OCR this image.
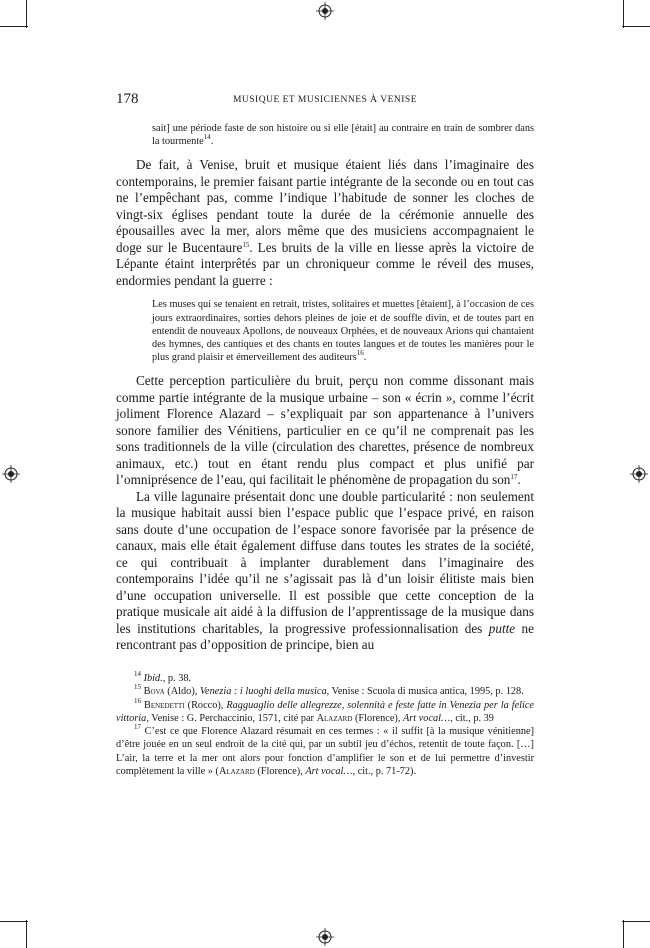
178	MUSIQUE ET MUSICIENNES À VENISE

sait] une période faste de son histoire ou si elle [était] au contraire en train de sombrer dans la tourmente$^{14}$.

De fait, à Venise, bruit et musique étaient liés dans l’imaginaire des contemporains, le premier faisant partie intégrante de la seconde ou en tout cas ne l’empêchant pas, comme l’indique l’habitude de sonner les cloches de vingt-six églises pendant toute la durée de la cérémonie annuelle des épousailles avec la mer, alors même que des musiciens accompagnaient le doge sur le Bucentaure$^{15}$. Les bruits de la ville en liesse après la victoire de Lépante étaint interprêtés par un chroniqueur comme le réveil des muses, endormies pendant la guerre :

Les muses qui se tenaient en retrait, tristes, solitaires et muettes [étaient], à l’occasion de ces jours extraordinaires, sorties dehors pleines de joie et de souffle divin, et de toutes part en entendit de nouveaux Apollons, de nouveaux Orphées, et de nouveaux Arions qui chantaient des hymnes, des cantiques et des chants en toutes langues et de toutes les manières pour le plus grand plaisir et émerveillement des auditeurs$^{16}$.

Cette perception particulière du bruit, perçu non comme dissonant mais comme partie intégrante de la musique urbaine – son « écrin », comme l’écrit joliment Florence Alazard – s’expliquait par son appartenance à l’univers sonore familier des Vénitiens, particulier en ce qu’il ne comprenait pas les sons traditionnels de la ville (circulation des charettes, présence de nombreux animaux, etc.) tout en étant rendu plus compact et plus unifié par l’omniprésence de l’eau, qui facilitait le phénomène de propagation du son$^{17}$.

La ville lagunaire présentait donc une double particularité : non seulement la musique habitait aussi bien l’espace public que l’espace privé, en raison sans doute d’une occupation de l’espace sonore favorisée par la présence de canaux, mais elle était également diffuse dans toutes les strates de la société, ce qui contribuait à implanter durablement dans l’imaginaire des contemporains l’idée qu’il ne s’agissait pas là d’un loisir élitiste mais bien d’une occupation universelle. Il est possible que cette conception de la pratique musicale ait aidé à la diffusion de l’apprentissage de la musique dans les institutions charitables, la progressive professionnalisation des putte ne rencontrant pas d’opposition de principe, bien au

$^{14}$ Ibid., p. 38.

$^{15}$ Bova (Aldo), Venezia : i luoghi della musica, Venise : Scuola di musica antica, 1995, p. 128.

$^{16}$ Benedetti (Rocco), Ragguaglio delle allegrezze, solennità e feste fatte in Venezia per la felice vittoria, Venise : G. Perchaccinio, 1571, cité par Alazard (Florence), Art vocal…, cit., p. 39

$^{17}$ C’est ce que Florence Alazard résumait en ces termes : « il suffit [à la musique vénitienne] d’être jouée en un seul endroit de la cité qui, par un subtil jeu d’échos, retentit de toute façon. […] L’air, la terre et la mer ont alors pour fonction d’amplifier le son et de lui permettre d’investir complètement la ville » (Alazard (Florence), Art vocal…, cit., p. 71-72).
